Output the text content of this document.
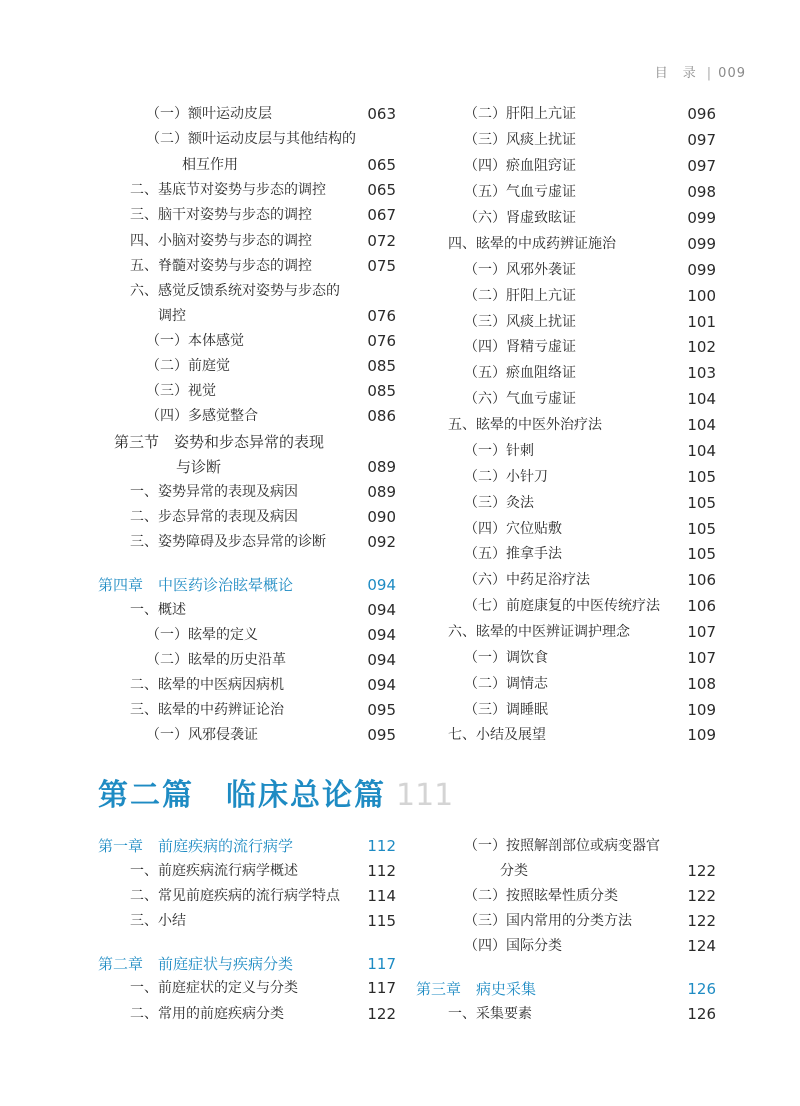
目　录 | 009
（一）额叶运动皮层	063
（二）额叶运动皮层与其他结构的
相互作用	065
二、基底节对姿势与步态的调控	065
三、脑干对姿势与步态的调控	067
四、小脑对姿势与步态的调控	072
五、脊髓对姿势与步态的调控	075
六、感觉反馈系统对姿势与步态的
调控	076
（一）本体感觉	076
（二）前庭觉	085
（三）视觉	085
（四）多感觉整合	086
第三节　姿势和步态异常的表现
与诊断	089
一、姿势异常的表现及病因	089
二、步态异常的表现及病因	090
三、姿势障碍及步态异常的诊断	092
第四章　中医药诊治眩晕概论	094
一、概述	094
（一）眩晕的定义	094
（二）眩晕的历史沿革	094
二、眩晕的中医病因病机	094
三、眩晕的中药辨证论治	095
（一）风邪侵袭证	095
（二）肝阳上亢证	096
（三）风痰上扰证	097
（四）瘀血阻窍证	097
（五）气血亏虚证	098
（六）肾虚致眩证	099
四、眩晕的中成药辨证施治	099
（一）风邪外袭证	099
（二）肝阳上亢证	100
（三）风痰上扰证	101
（四）肾精亏虚证	102
（五）瘀血阻络证	103
（六）气血亏虚证	104
五、眩晕的中医外治疗法	104
（一）针刺	104
（二）小针刀	105
（三）灸法	105
（四）穴位贴敷	105
（五）推拿手法	105
（六）中药足浴疗法	106
（七）前庭康复的中医传统疗法 106
六、眩晕的中医辨证调护理念	107
（一）调饮食	107
（二）调情志	108
（三）调睡眠	109
七、小结及展望	109
第二篇　临床总论篇 111
第一章　前庭疾病的流行病学	112
一、前庭疾病流行病学概述	112
二、常见前庭疾病的流行病学特点 114
三、小结	115
第二章　前庭症状与疾病分类	117
一、前庭症状的定义与分类	117
二、常用的前庭疾病分类	122
（一）按照解剖部位或病变器官
分类	122
（二）按照眩晕性质分类	122
（三）国内常用的分类方法	122
（四）国际分类	124
第三章　病史采集	126
一、采集要素	126
